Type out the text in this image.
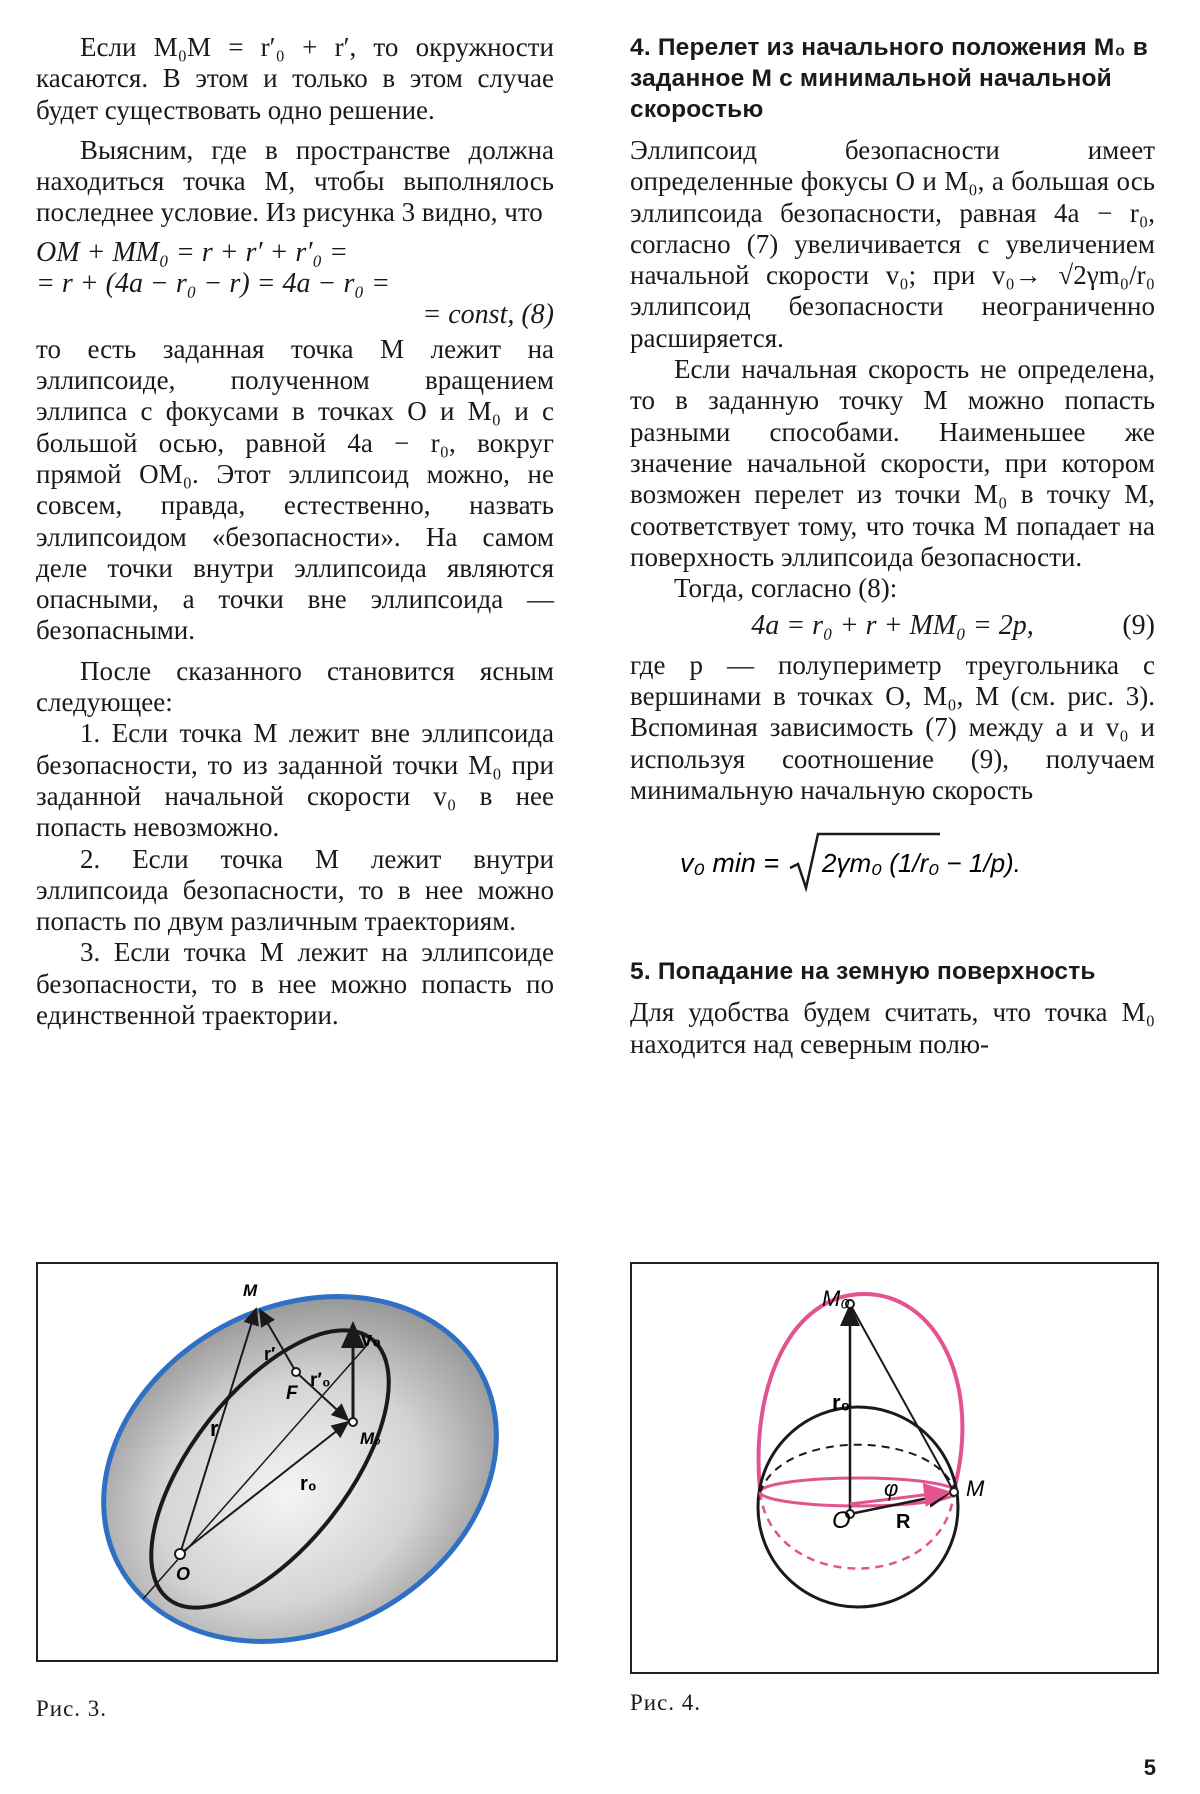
Если M₀M = r′₀ + r′, то окружности касаются. В этом и только в этом случае будет существовать одно решение.

Выясним, где в пространстве должна находиться точка M, чтобы выполнялось последнее условие. Из рисунка 3 видно, что

OM + MM₀ = r + r′ + r′₀ =
= r + (4a − r₀ − r) = 4a − r₀ =
= const, (8)

то есть заданная точка M лежит на эллипсоиде, полученном вращением эллипса с фокусами в точках O и M₀ и с большой осью, равной 4a − r₀, вокруг прямой OM₀. Этот эллипсоид можно, не совсем, правда, естественно, назвать эллипсоидом «безопасности». На самом деле точки внутри эллипсоида являются опасными, а точки вне эллипсоида — безопасными.

После сказанного становится ясным следующее:

1. Если точка M лежит вне эллипсоида безопасности, то из заданной точки M₀ при заданной начальной скорости v₀ в нее попасть невозможно.

2. Если точка M лежит внутри эллипсоида безопасности, то в нее можно попасть по двум различным траекториям.

3. Если точка M лежит на эллипсоиде безопасности, то в нее можно попасть по единственной траектории.

4. Перелет из начального положения M₀ в заданное M с минимальной начальной скоростью

Эллипсоид безопасности имеет определенные фокусы O и M₀, а большая ось эллипсоида безопасности, равная 4a − r₀, согласно (7) увеличивается с увеличением начальной скорости v₀; при v₀→ √2γm₀/r₀ эллипсоид безопасности неограниченно расширяется.

Если начальная скорость не определена, то в заданную точку M можно попасть разными способами. Наименьшее же значение начальной скорости, при котором возможен перелет из точки M₀ в точку M, соответствует тому, что точка M попадает на поверхность эллипсоида безопасности.

Тогда, согласно (8):

4a = r₀ + r + MM₀ = 2p,	(9)

где p — полупериметр треугольника с вершинами в точках O, M₀, M (см. рис. 3). Вспоминая зависимость (7) между a и v₀ и используя соотношение (9), получаем минимальную начальную скорость

v₀ min = 2γm₀ (1/r₀ − 1/p).
5. Попадание на земную поверхность

Для удобства будем считать, что точка M₀ находится над северным полю-

M
r′
F
r′₀
v₀
M₀
r
r₀
O
Рис. 3.
M₀
r₀
φ
O R
M
Рис. 4.
5
